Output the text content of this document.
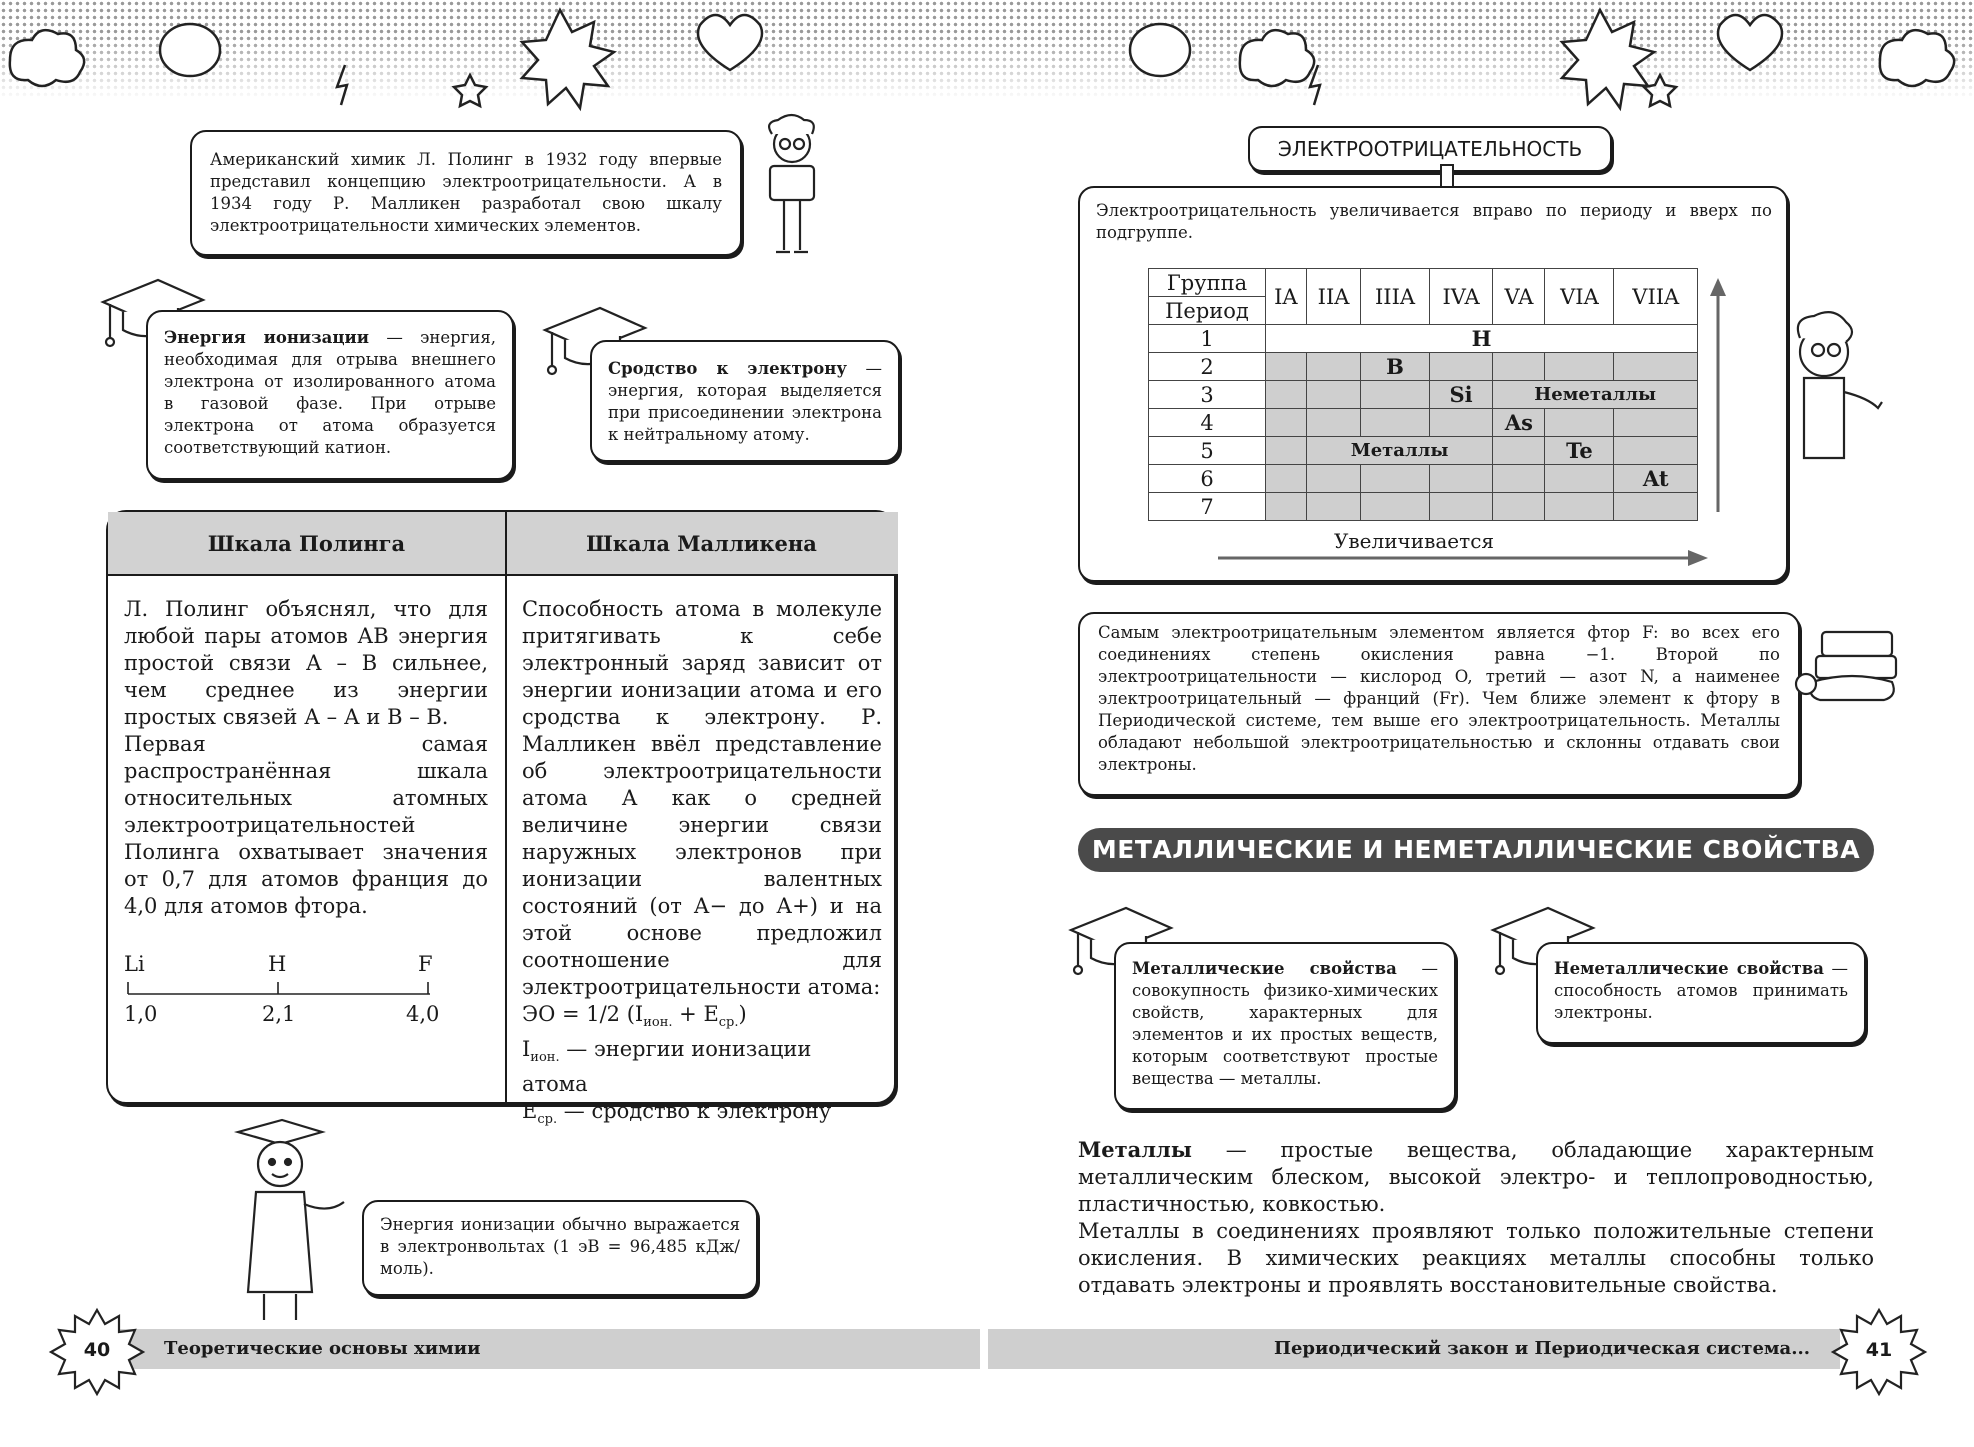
Американский химик Л. Полинг в 1932 году впервые представил концепцию электроотрицательности. А в 1934 году Р. Малликен разработал свою шкалу электроотрицательности химических элементов.
Энергия ионизации — энергия, необходимая для отрыва внешнего электрона от изолированного атома в газовой фазе. При отрыве электрона от атома образуется соответствующий катион.
Сродство к электрону — энергия, которая выделяется при присоединении электрона к нейтральному атому.
Шкала Полинга	Шкала Малликена
Л. Полинг объяснял, что для любой пары атомов АВ энергия простой связи А – В сильнее, чем среднее из энергии простых связей А – А и В – В.
Первая самая распространённая шкала относительных атомных электроотрицательностей Полинга охватывает значения от 0,7 для атомов франция до 4,0 для атомов фтора.
Li	H	F
1,0	2,1	4,0
Способность атома в молекуле притягивать к себе электронный заряд зависит от энергии ионизации атома и его сродства к электрону. Р. Малликен ввёл представление об электроотрицательности атома А как о средней величине энергии связи наружных электронов при ионизации валентных состояний (от А− до А+) и на этой основе предложил соотношение для электроотрицательности атома:
ЭО = 1/2 $(I_{ион.} + E_{ср.})$
$I_{ион.}$ — энергии ионизации атома
$E_{ср.}$ — сродство к электрону
Энергия ионизации обычно выражается в электронвольтах (1 эВ = 96,485 кДж/моль).
Теоретические основы химии
40
ЭЛЕКТРООТРИЦАТЕЛЬНОСТЬ
Электроотрицательность увеличивается вправо по периоду и вверх по подгруппе.
Группа	IA	IIA	IIIA	IVA	VA	VIA	VIIA
Период							
1	H						
2			B				
3				Si	Неметаллы		
4					As		
5		Металлы				Te	
6							At
7							
Увеличивается
Самым электроотрицательным элементом является фтор F: во всех его соединениях степень окисления равна −1. Второй по электроотрицательности — кислород O, третий — азот N, а наименее электроотрицательный — франций (Fr). Чем ближе элемент к фтору в Периодической системе, тем выше его электроотрицательность. Металлы обладают небольшой электроотрицательностью и склонны отдавать свои электроны.
МЕТАЛЛИЧЕСКИЕ И НЕМЕТАЛЛИЧЕСКИЕ СВОЙСТВА
Металлические свойства — совокупность физико-химических свойств, характерных для элементов и их простых веществ, которым соответствуют простые вещества — металлы.
Неметаллические свойства — способность атомов принимать электроны.
Металлы — простые вещества, обладающие характерным металлическим блеском, высокой электро- и теплопроводностью, пластичностью, ковкостью.
Металлы в соединениях проявляют только положительные степени окисления. В химических реакциях металлы способны только отдавать электроны и проявлять восстановительные свойства.
Периодический закон и Периодическая система...	41
